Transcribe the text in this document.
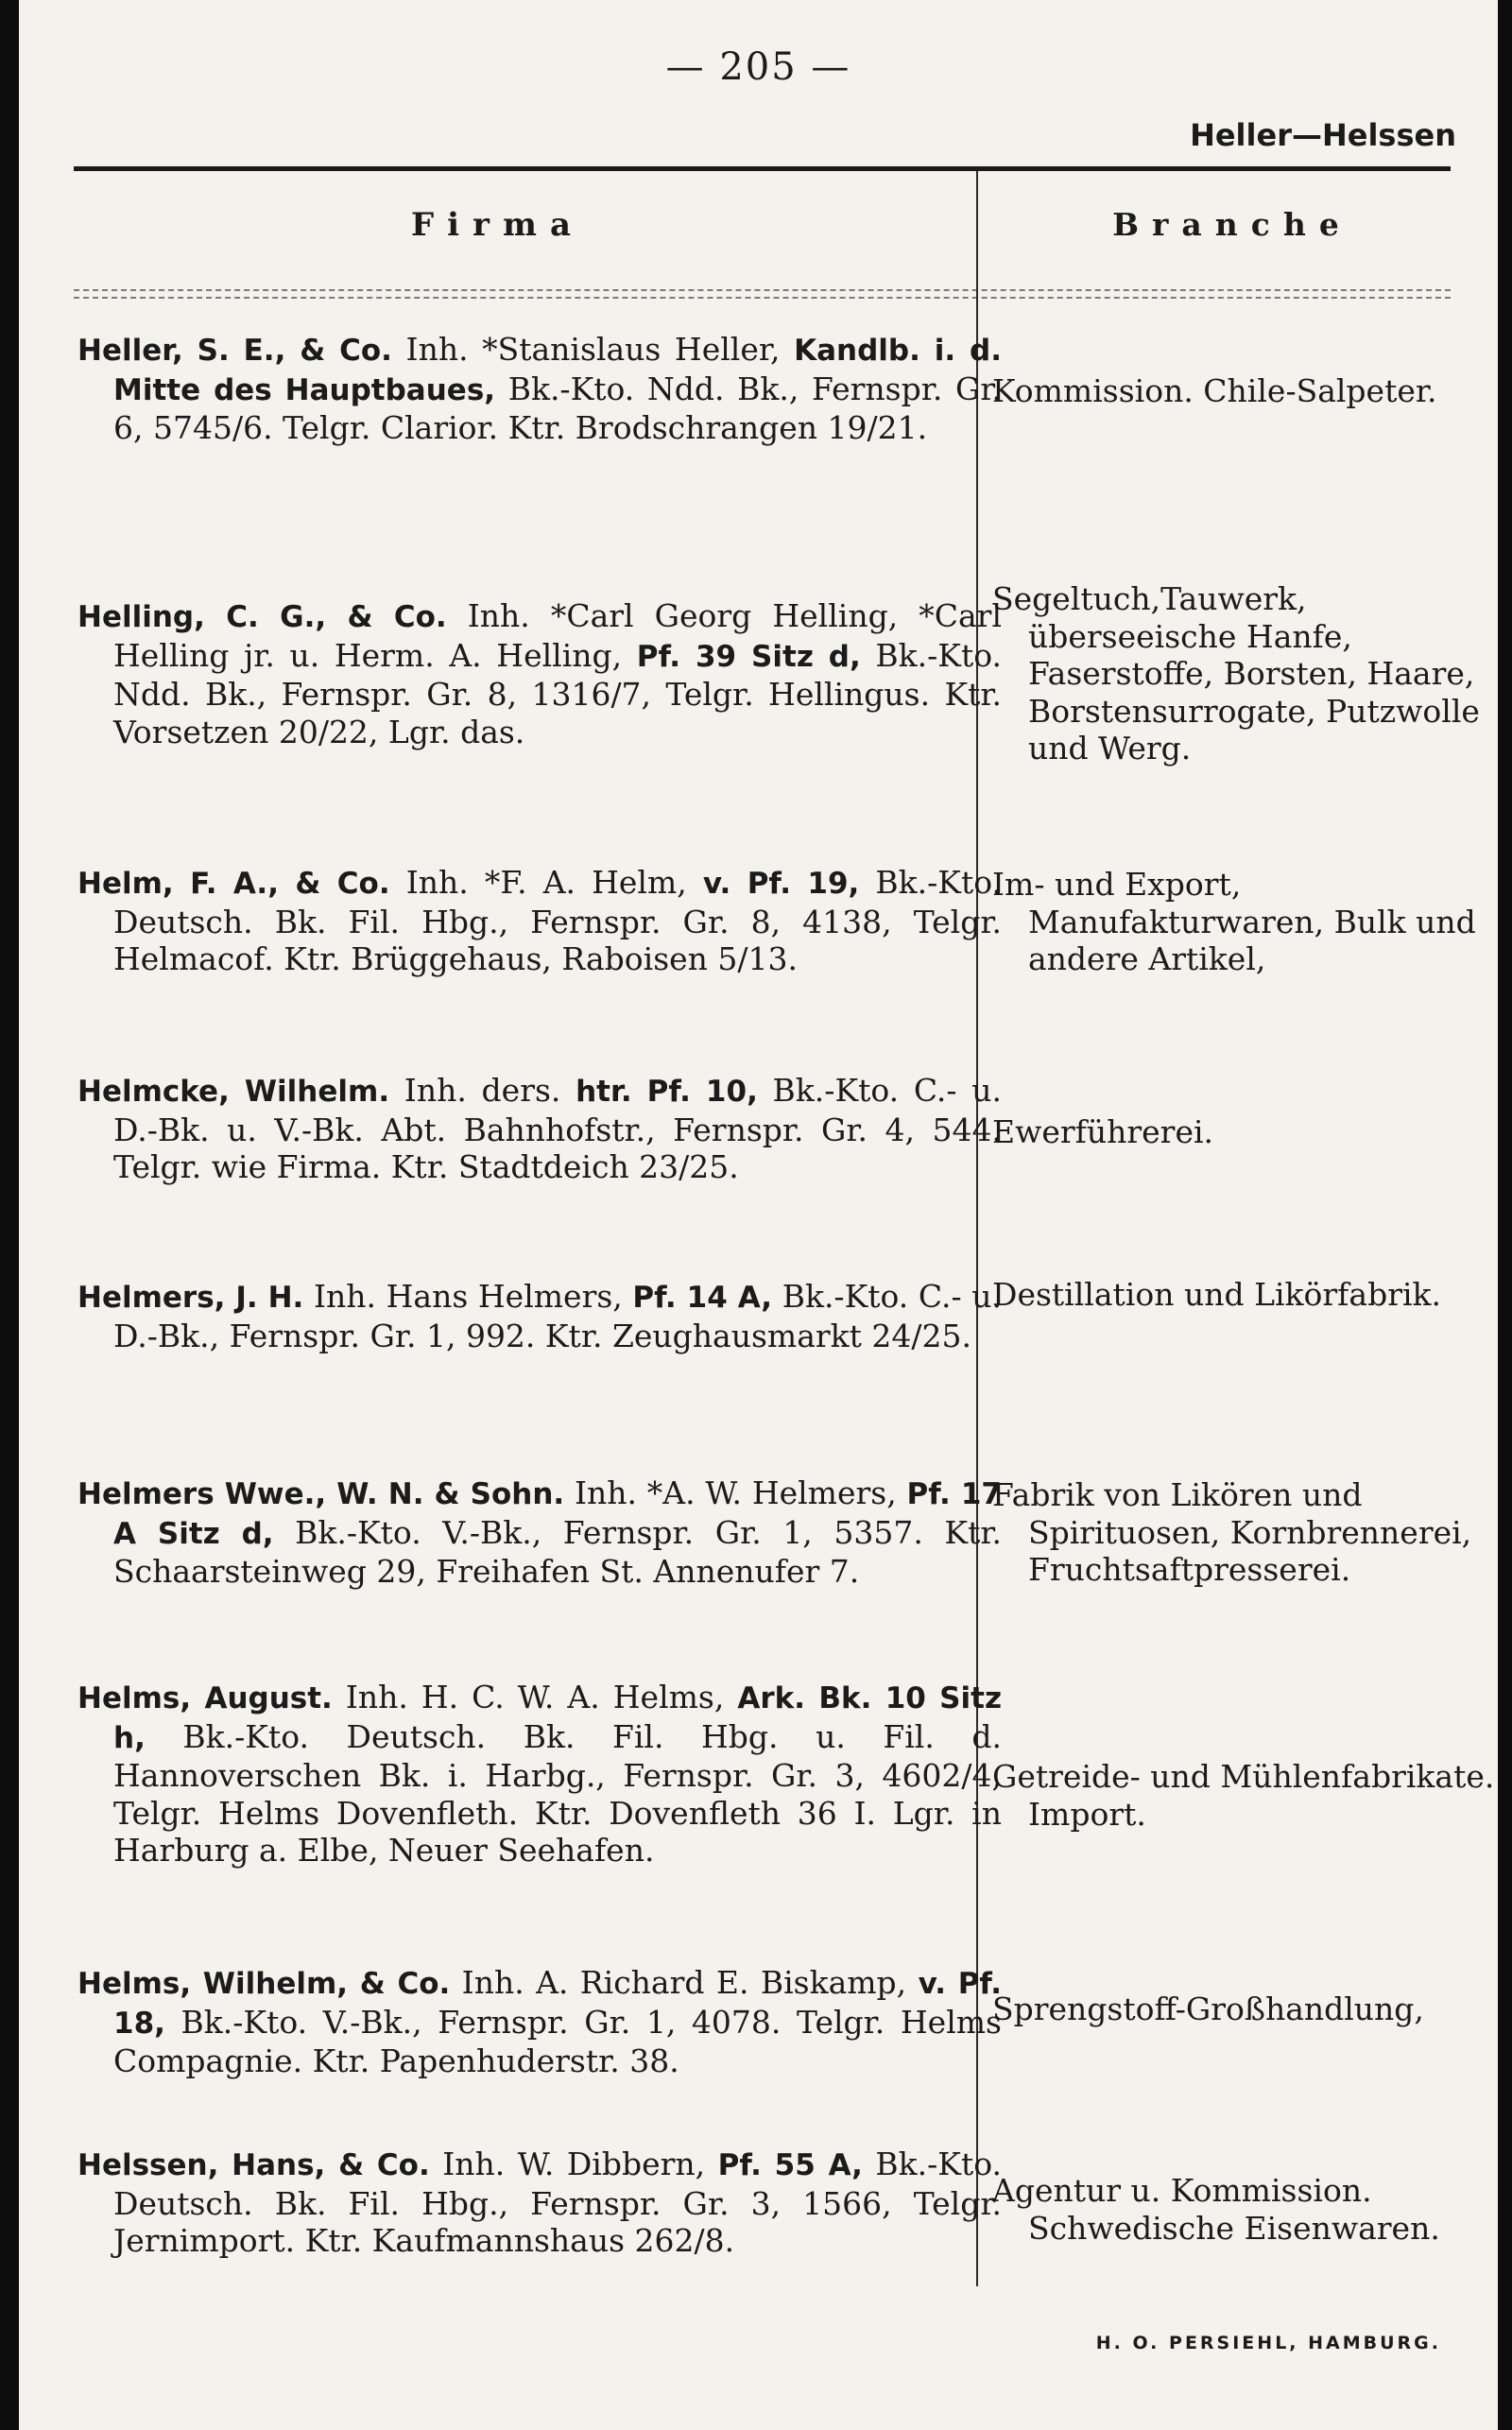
— 205 —
Heller—Helssen
Firma	Branche
Heller, S. E., & Co. Inh. *Stanislaus Heller, Kandlb. i. d. Mitte des Hauptbaues, Bk.-Kto. Ndd. Bk., Fernspr. Gr. 6, 5745/6. Telgr. Clarior. Ktr. Brodschrangen 19/21.
Kommission. Chile-Salpeter.
Helling, C. G., & Co. Inh. *Carl Georg Helling, *Carl Helling jr. u. Herm. A. Helling, Pf. 39 Sitz d, Bk.-Kto. Ndd. Bk., Fernspr. Gr. 8, 1316/7, Telgr. Hellingus. Ktr. Vorsetzen 20/22, Lgr. das.
Segeltuch,Tauwerk, überseeische Hanfe, Faserstoffe, Borsten, Haare, Borstensurrogate, Putzwolle und Werg.
Helm, F. A., & Co. Inh. *F. A. Helm, v. Pf. 19, Bk.-Kto. Deutsch. Bk. Fil. Hbg., Fernspr. Gr. 8, 4138, Telgr. Helmacof. Ktr. Brüggehaus, Raboisen 5/13.
Im- und Export, Manufakturwaren, Bulk und andere Artikel,
Helmcke, Wilhelm. Inh. ders. htr. Pf. 10, Bk.-Kto. C.- u. D.-Bk. u. V.-Bk. Abt. Bahnhofstr., Fernspr. Gr. 4, 544. Telgr. wie Firma. Ktr. Stadtdeich 23/25.
Ewerführerei.
Helmers, J. H. Inh. Hans Helmers, Pf. 14 A, Bk.-Kto. C.- u. D.-Bk., Fernspr. Gr. 1, 992. Ktr. Zeughausmarkt 24/25.
Destillation und Likörfabrik.
Helmers Wwe., W. N. & Sohn. Inh. *A. W. Helmers, Pf. 17 A Sitz d, Bk.-Kto. V.-Bk., Fernspr. Gr. 1, 5357. Ktr. Schaarsteinweg 29, Freihafen St. Annenufer 7.
Fabrik von Likören und Spirituosen, Kornbrennerei, Fruchtsaftpresserei.
Helms, August. Inh. H. C. W. A. Helms, Ark. Bk. 10 Sitz h, Bk.-Kto. Deutsch. Bk. Fil. Hbg. u. Fil. d. Hannoverschen Bk. i. Harbg., Fernspr. Gr. 3, 4602/4, Telgr. Helms Dovenfleth. Ktr. Dovenfleth 36 I. Lgr. in Harburg a. Elbe, Neuer Seehafen.
Getreide- und Mühlenfabrikate. Import.
Helms, Wilhelm, & Co. Inh. A. Richard E. Biskamp, v. Pf. 18, Bk.-Kto. V.-Bk., Fernspr. Gr. 1, 4078. Telgr. Helms Compagnie. Ktr. Papenhuderstr. 38.
Sprengstoff-Großhandlung,
Helssen, Hans, & Co. Inh. W. Dibbern, Pf. 55 A, Bk.-Kto. Deutsch. Bk. Fil. Hbg., Fernspr. Gr. 3, 1566, Telgr. Jernimport. Ktr. Kaufmannshaus 262/8.
Agentur u. Kommission. Schwedische Eisenwaren.
H. O. PERSIEHL, HAMBURG.
